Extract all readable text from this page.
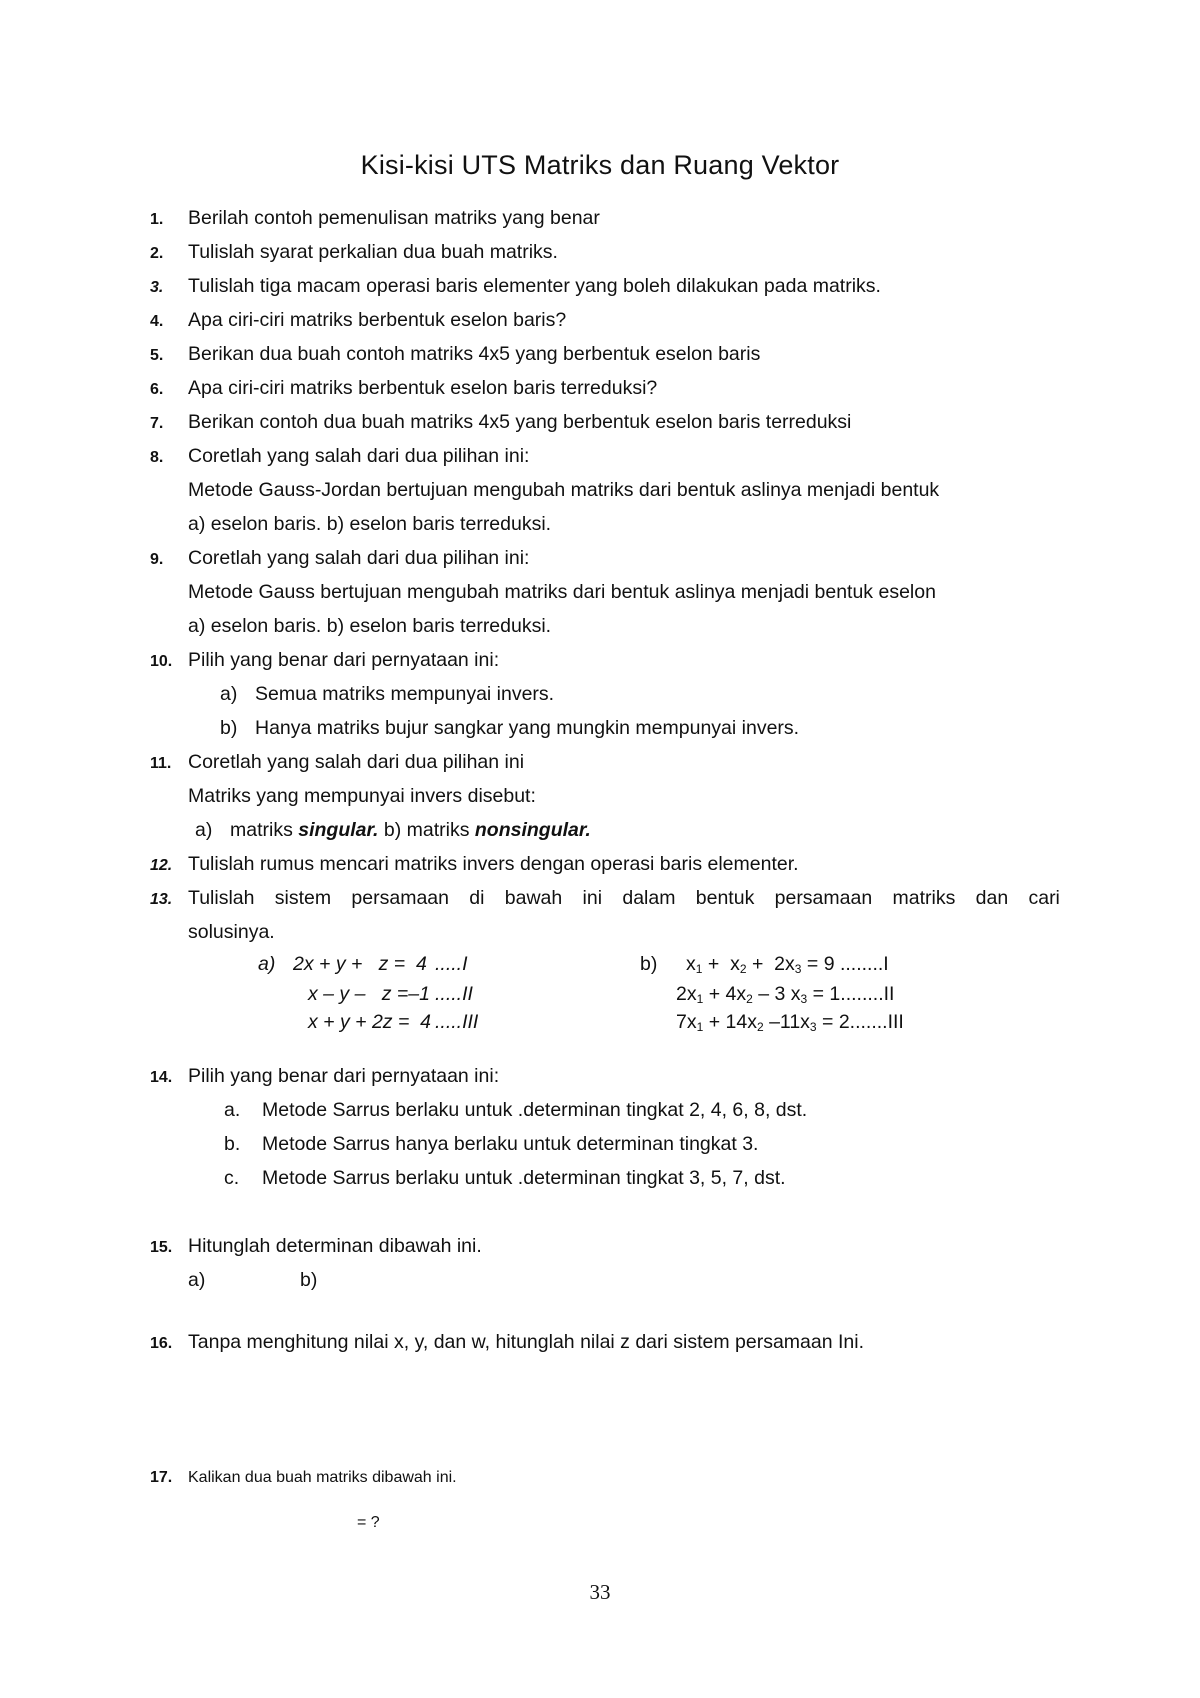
Kisi-kisi UTS Matriks dan Ruang Vektor
1. Berilah contoh pemenulisan matriks yang benar
2. Tulislah syarat perkalian dua buah matriks.
3. Tulislah tiga macam operasi baris elementer yang boleh dilakukan pada matriks.
4. Apa ciri-ciri matriks berbentuk eselon baris?
5. Berikan dua buah contoh matriks 4x5 yang berbentuk eselon baris
6. Apa ciri-ciri matriks berbentuk eselon baris terreduksi?
7. Berikan contoh dua buah matriks 4x5 yang berbentuk eselon baris terreduksi
8. Coretlah yang salah dari dua pilihan ini:
Metode Gauss-Jordan bertujuan mengubah matriks dari bentuk aslinya menjadi bentuk
a) eselon baris. b) eselon baris terreduksi.
9. Coretlah yang salah dari dua pilihan ini:
Metode Gauss bertujuan mengubah matriks dari bentuk aslinya menjadi bentuk eselon
a) eselon baris. b) eselon baris terreduksi.
10. Pilih yang benar dari pernyataan ini:
a) Semua matriks mempunyai invers.
b) Hanya matriks bujur sangkar yang mungkin mempunyai invers.
11. Coretlah yang salah dari dua pilihan ini
Matriks yang mempunyai invers disebut:
a) matriks singular. b) matriks nonsingular.
12. Tulislah rumus mencari matriks invers dengan operasi baris elementer.
13. Tulislah sistem persamaan di bawah ini dalam bentuk persamaan matriks dan cari
solusinya.
a) 2x + y +   z =  4 .....I
x – y –   z =–1 .....II
x + y + 2z =  4 .....III
b) $x_1 + x_2 + 2x_3 = 9$ ........I
$2x_1 + 4x_2 - 3$ $x_3 = 1........II$
$7x_1 + 14x_2$ $-11x_3 = 2.......III$
14. Pilih yang benar dari pernyataan ini:
a. Metode Sarrus berlaku untuk .determinan tingkat 2, 4, 6, 8, dst.
b. Metode Sarrus hanya berlaku untuk determinan tingkat 3.
c. Metode Sarrus berlaku untuk .determinan tingkat 3, 5, 7, dst.
15. Hitunglah determinan dibawah ini.
a)	b)
16. Tanpa menghitung nilai x, y, dan w, hitunglah nilai z dari sistem persamaan Ini.
17. Kalikan dua buah matriks dibawah ini.
= ?
33
